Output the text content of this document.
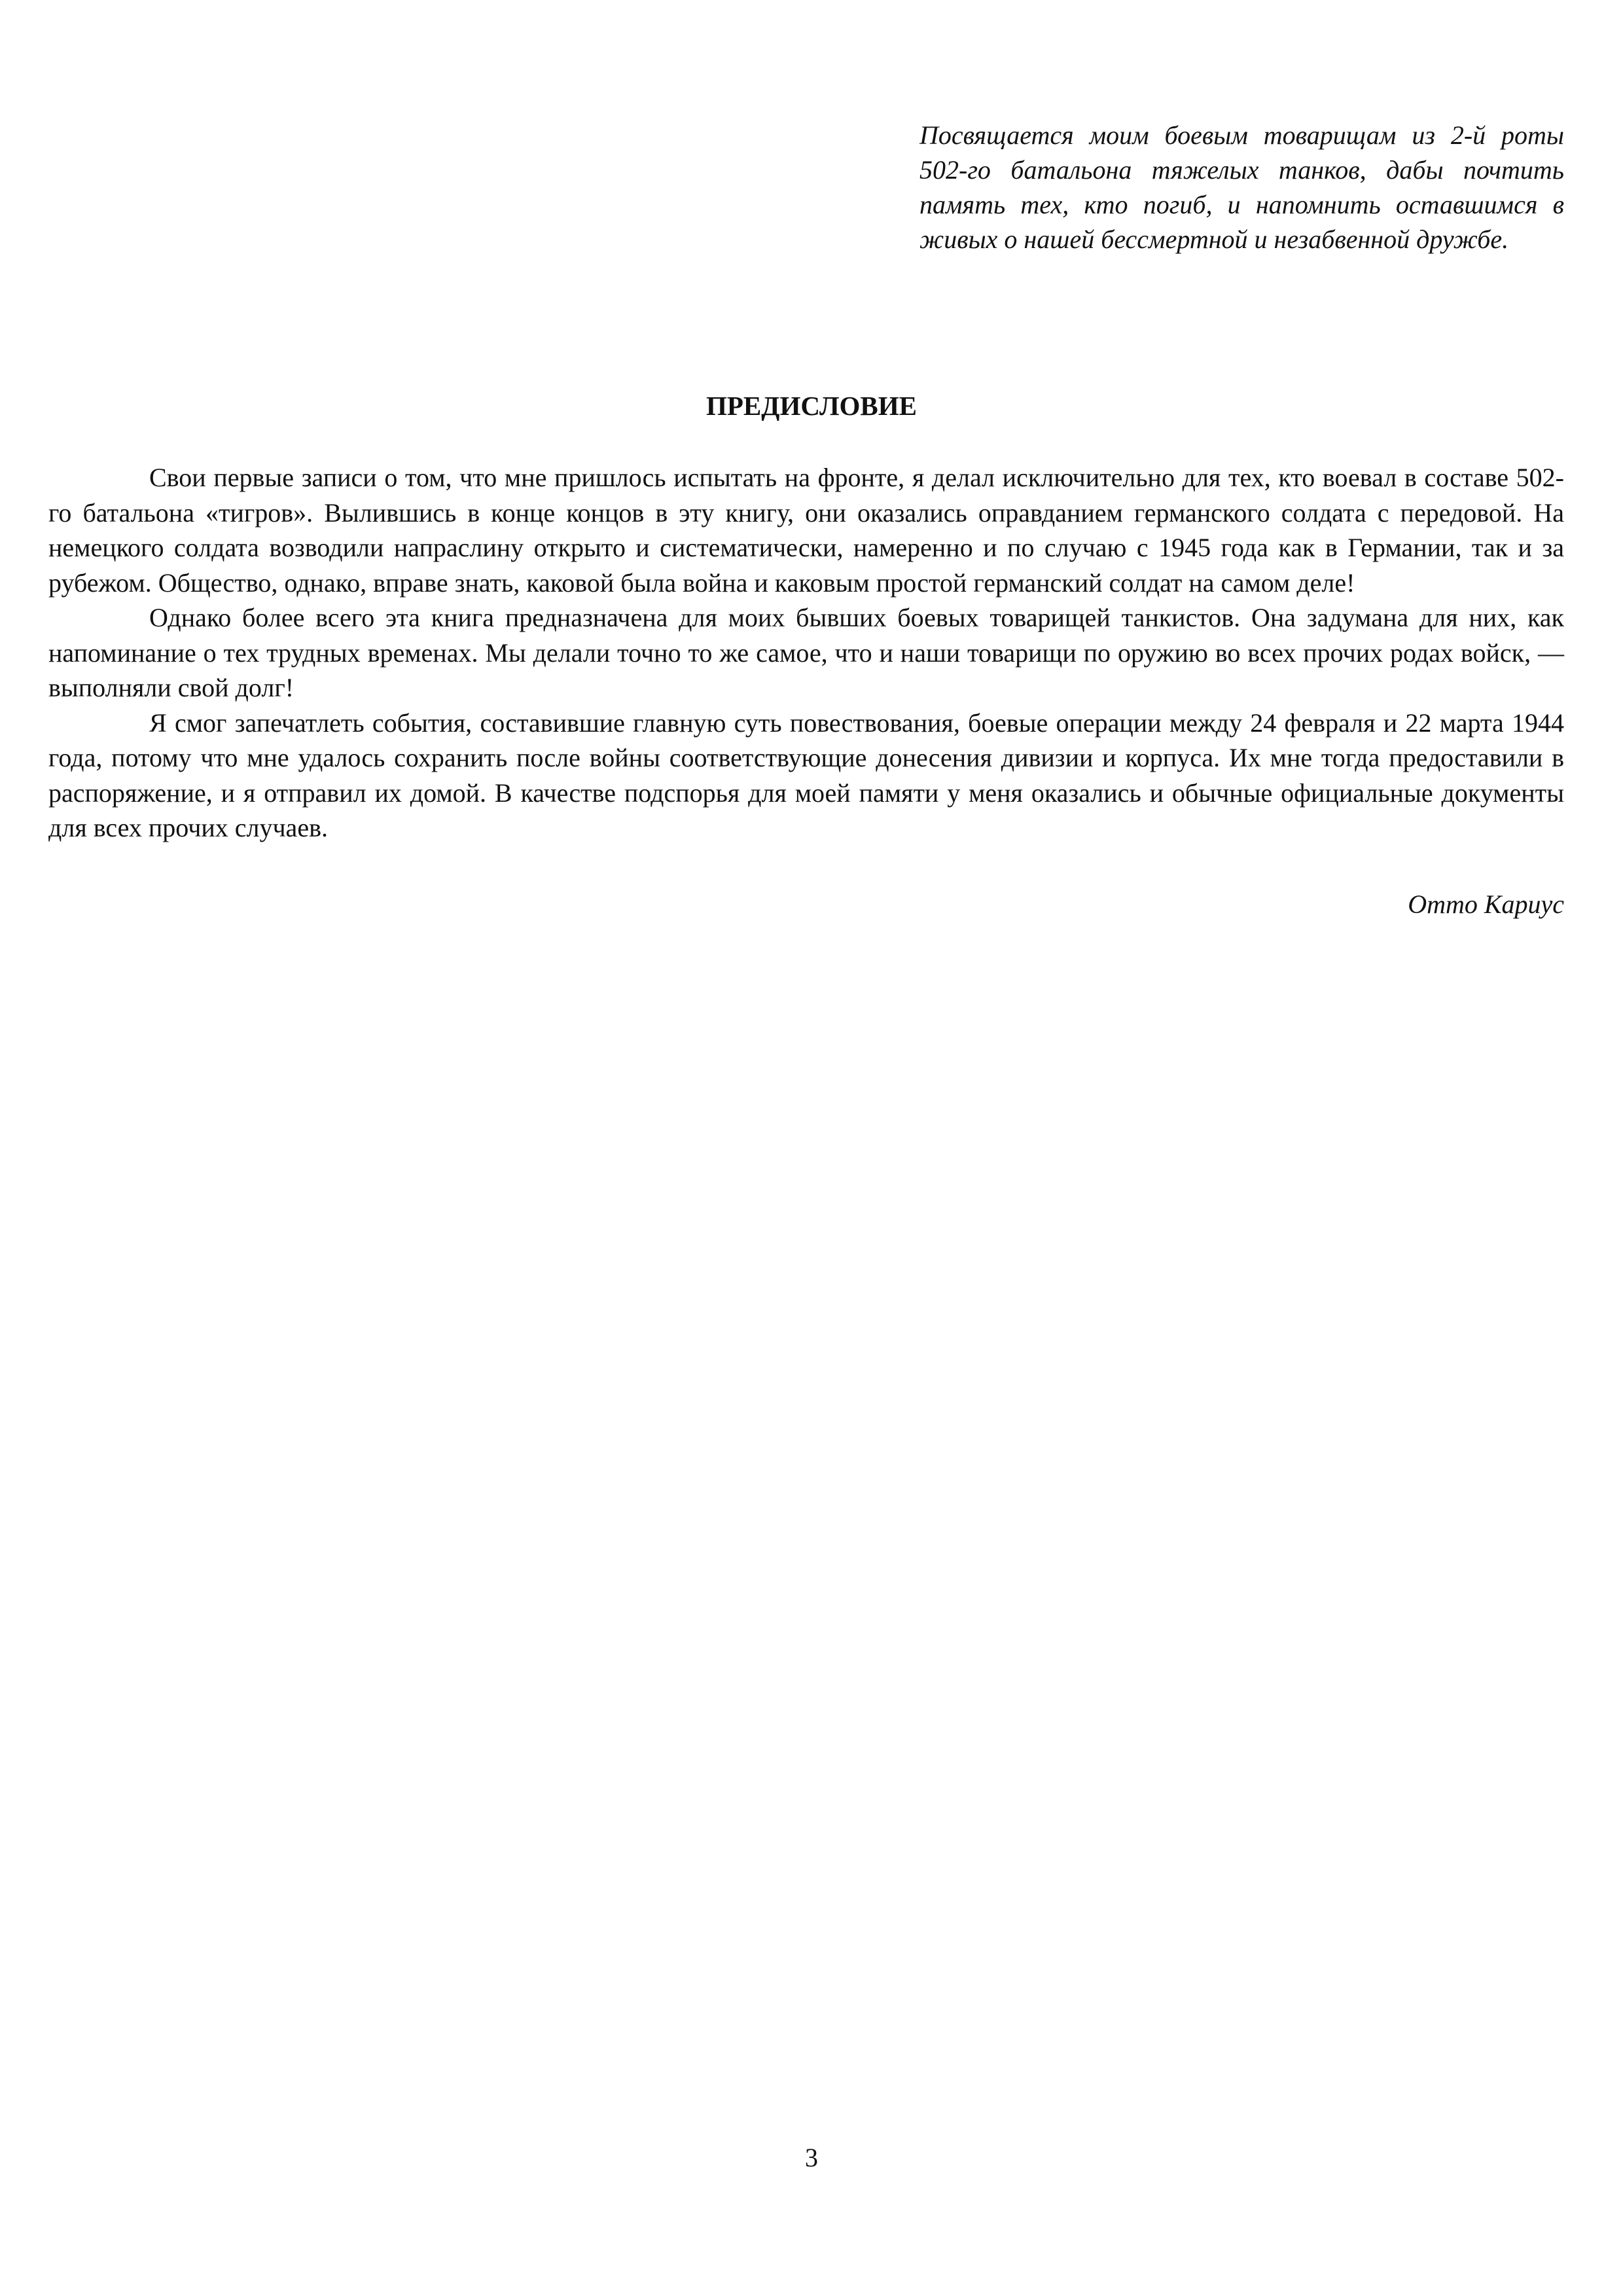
Посвящается моим боевым товарищам из 2-й роты 502-го батальона тяжелых танков, дабы почтить память тех, кто погиб, и напомнить оставшимся в живых о нашей бессмертной и незабвенной дружбе.
ПРЕДИСЛОВИЕ

Свои первые записи о том, что мне пришлось испытать на фронте, я делал исключительно для тех, кто воевал в составе 502-го батальона «тигров». Вылившись в конце концов в эту книгу, они оказались оправданием германского солдата с передовой. На немецкого солдата возводили напраслину открыто и систематически, намеренно и по случаю с 1945 года как в Германии, так и за рубежом. Общество, однако, вправе знать, каковой была война и каковым простой германский солдат на самом деле!

Однако более всего эта книга предназначена для моих бывших боевых товарищей танкистов. Она задумана для них, как напоминание о тех трудных временах. Мы делали точно то же самое, что и наши товарищи по оружию во всех прочих родах войск, — выполняли свой долг!

Я смог запечатлеть события, составившие главную суть повествования, боевые операции между 24 февраля и 22 марта 1944 года, потому что мне удалось сохранить после войны соответствующие донесения дивизии и корпуса. Их мне тогда предоставили в распоряжение, и я отправил их домой. В качестве подспорья для моей памяти у меня оказались и обычные официальные документы для всех прочих случаев.

Отто Кариус
3
